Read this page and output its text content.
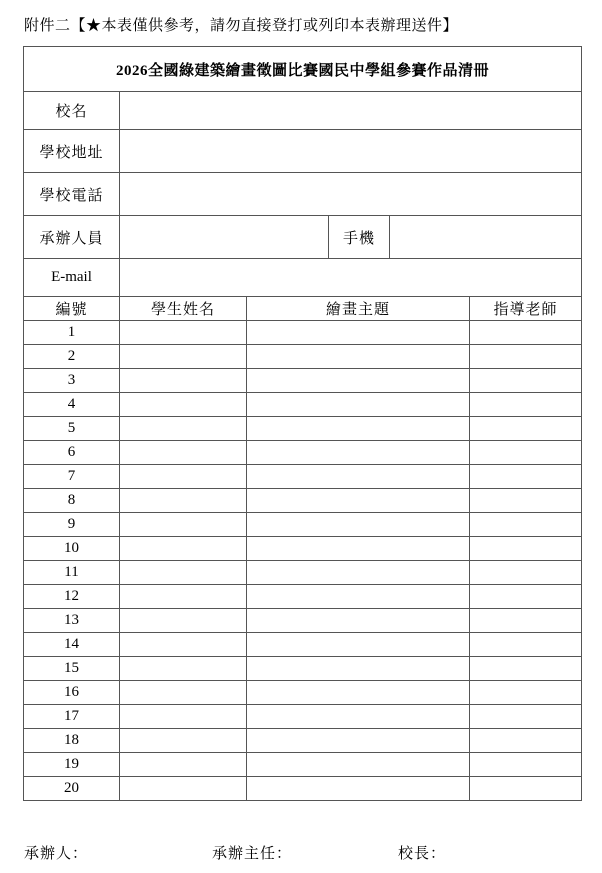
附件二【★本表僅供參考，請勿直接登打或列印本表辦理送件】
2026全國綠建築繪畫徵圖比賽國民中學組參賽作品清冊					
校名					
學校地址					
學校電話					
承辦人員			手機		
E-mail					
編號	學生姓名	繪畫主題			指導老師
1					
2					
3					
4					
5					
6					
7					
8					
9					
10					
11					
12					
13					
14					
15					
16					
17					
18					
19					
20					
承辦人：	承辦主任：	校長：
